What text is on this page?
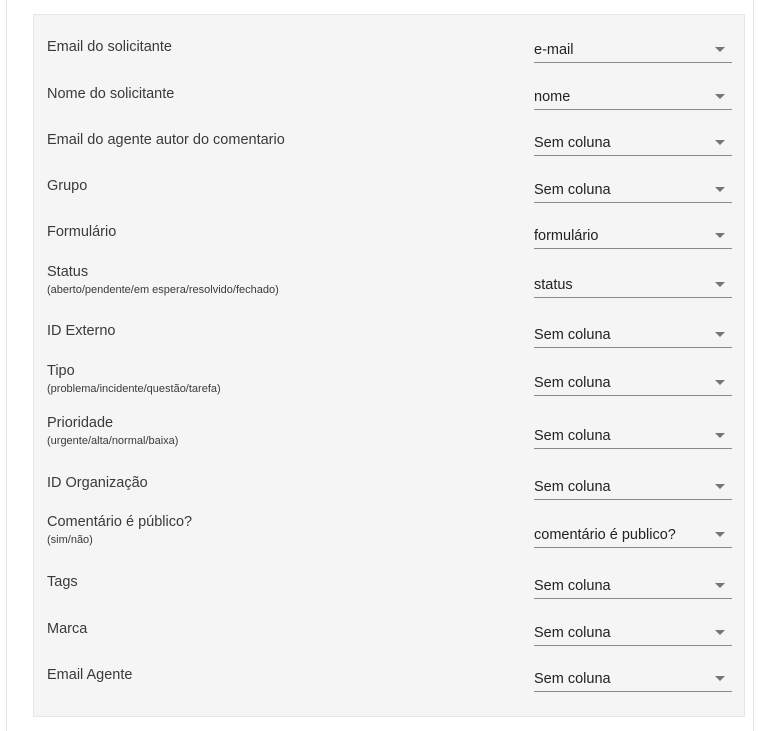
Email do solicitante	e-mail
Nome do solicitante	nome
Email do agente autor do comentario	Sem coluna
Grupo	Sem coluna
Formulário	formulário
Status
(aberto/pendente/em espera/resolvido/fechado)	status
ID Externo	Sem coluna
Tipo
(problema/incidente/questão/tarefa)	Sem coluna
Prioridade
(urgente/alta/normal/baixa)	Sem coluna
ID Organização	Sem coluna
Comentário é público?
(sim/não)	comentário é publico?
Tags	Sem coluna
Marca	Sem coluna
Email Agente	Sem coluna
